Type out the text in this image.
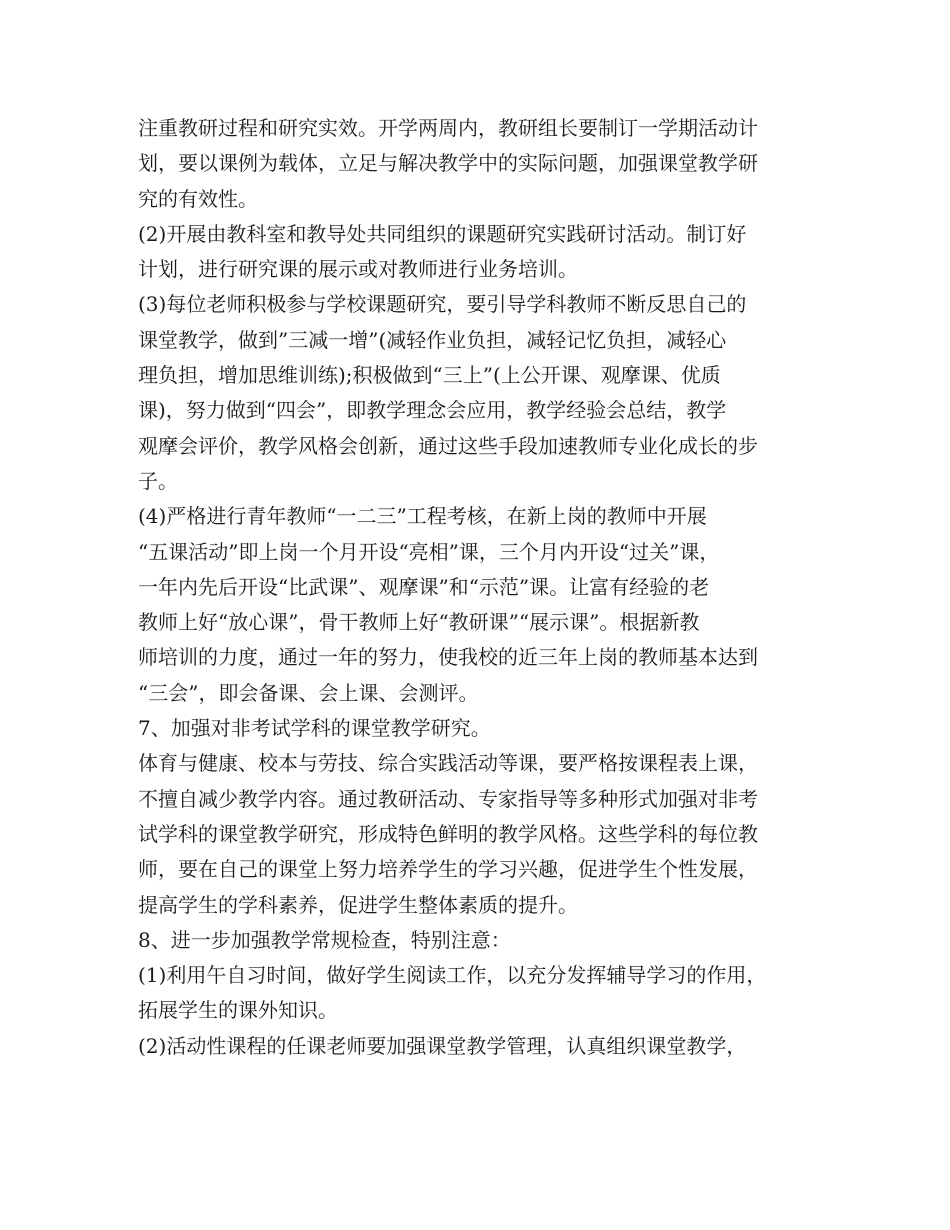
注重教研过程和研究实效。开学两周内，教研组长要制订一学期活动计
划，要以课例为载体，立足与解决教学中的实际问题，加强课堂教学研
究的有效性。
(2)开展由教科室和教导处共同组织的课题研究实践研讨活动。制订好
计划，进行研究课的展示或对教师进行业务培训。
(3)每位老师积极参与学校课题研究，要引导学科教师不断反思自己的
课堂教学，做到”三减一增”(减轻作业负担，减轻记忆负担，减轻心
理负担，增加思维训练);积极做到“三上”(上公开课、观摩课、优质
课)，努力做到“四会”，即教学理念会应用，教学经验会总结，教学
观摩会评价，教学风格会创新，通过这些手段加速教师专业化成长的步
子。
(4)严格进行青年教师“一二三”工程考核，在新上岗的教师中开展
“五课活动”即上岗一个月开设“亮相”课，三个月内开设“过关”课，
一年内先后开设“比武课”、观摩课”和“示范”课。让富有经验的老
教师上好“放心课”，骨干教师上好“教研课”“展示课”。根据新教
师培训的力度，通过一年的努力，使我校的近三年上岗的教师基本达到
“三会”，即会备课、会上课、会测评。
7、加强对非考试学科的课堂教学研究。
体育与健康、校本与劳技、综合实践活动等课，要严格按课程表上课，
不擅自减少教学内容。通过教研活动、专家指导等多种形式加强对非考
试学科的课堂教学研究，形成特色鲜明的教学风格。这些学科的每位教
师，要在自己的课堂上努力培养学生的学习兴趣，促进学生个性发展，
提高学生的学科素养，促进学生整体素质的提升。
8、进一步加强教学常规检查，特别注意：
(1)利用午自习时间，做好学生阅读工作，以充分发挥辅导学习的作用，
拓展学生的课外知识。
(2)活动性课程的任课老师要加强课堂教学管理，认真组织课堂教学，
